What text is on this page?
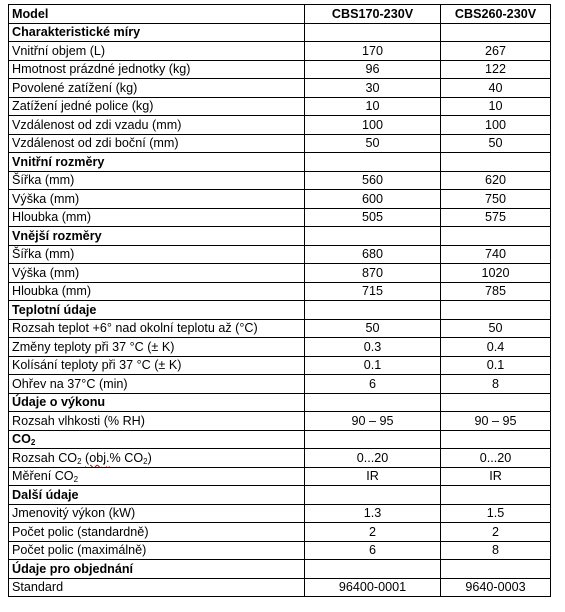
Model	CBS170-230V	CBS260-230V
Charakteristické míry		
Vnitřní objem (L)	170	267
Hmotnost prázdné jednotky (kg)	96	122
Povolené zatížení (kg)	30	40
Zatížení jedné police (kg)	10	10
Vzdálenost od zdi vzadu (mm)	100	100
Vzdálenost od zdi boční (mm)	50	50
Vnitřní rozměry		
Šířka (mm)	560	620
Výška (mm)	600	750
Hloubka (mm)	505	575
Vnější rozměry		
Šířka (mm)	680	740
Výška (mm)	870	1020
Hloubka (mm)	715	785
Teplotní údaje		
Rozsah teplot +6° nad okolní teplotu až (°C)	50	50
Změny teploty při 37 °C (± K)	0.3	0.4
Kolísání teploty při 37 °C (± K)	0.1	0.1
Ohřev na 37°C (min)	6	8
Údaje o výkonu		
Rozsah vlhkosti (% RH)	90 – 95	90 – 95
$CO_2$		
Rozsah $CO_2$ (obj.% $CO_2$)	0...20	0...20
Měření $CO_2$	IR	IR
Další údaje		
Jmenovitý výkon (kW)	1.3	1.5
Počet polic (standardně)	2	2
Počet polic (maximálně)	6	8
Údaje pro objednání		
Standard	96400-0001	9640-0003
